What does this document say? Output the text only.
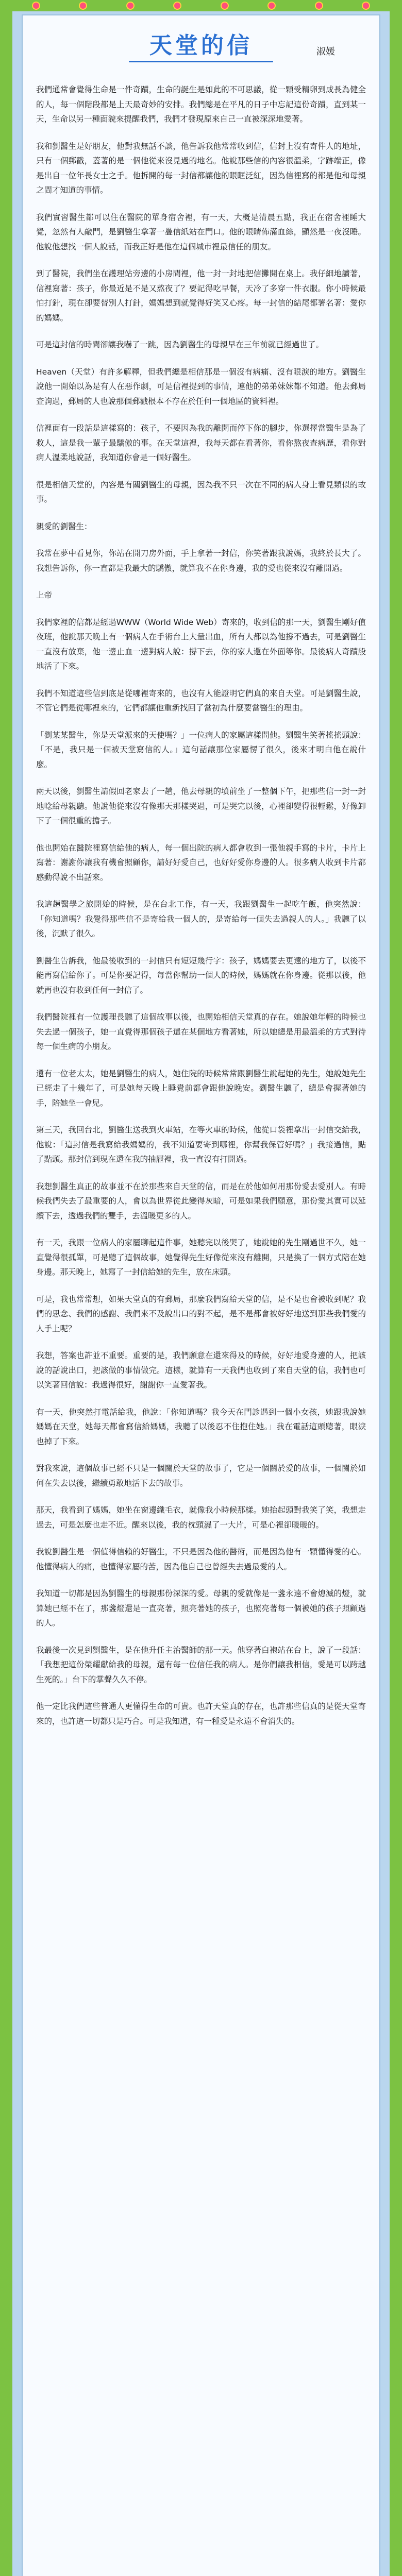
天堂的信	淑媛

我們通常會覺得生命是一件奇蹟，生命的誕生是如此的不可思議，從一顆受精卵到成長為健全的人，每一個階段都是上天最奇妙的安排。我們總是在平凡的日子中忘記這份奇蹟，直到某一天，生命以另一種面貌來提醒我們，我們才發現原來自己一直被深深地愛著。

我和劉醫生是好朋友，他對我無話不談，他告訴我他常常收到信，信封上沒有寄件人的地址，只有一個郵戳，蓋著的是一個他從來沒見過的地名。他說那些信的內容很溫柔，字跡端正，像是出自一位年長女士之手。他拆開的每一封信都讓他的眼眶泛紅，因為信裡寫的都是他和母親之間才知道的事情。

我們實習醫生都可以住在醫院的單身宿舍裡，有一天，大概是清晨五點，我正在宿舍裡睡大覺，忽然有人敲門，是劉醫生拿著一疊信紙站在門口。他的眼睛佈滿血絲，顯然是一夜沒睡。他說他想找一個人說話，而我正好是他在這個城市裡最信任的朋友。

到了醫院，我們坐在護理站旁邊的小房間裡，他一封一封地把信攤開在桌上。我仔細地讀著，信裡寫著：孩子，你最近是不是又熬夜了？要記得吃早餐，天冷了多穿一件衣服。你小時候最怕打針，現在卻要替別人打針，媽媽想到就覺得好笑又心疼。每一封信的結尾都署名著：愛你的媽媽。

可是這封信的時間卻讓我嚇了一跳，因為劉醫生的母親早在三年前就已經過世了。

Heaven（天堂）有許多解釋，但我們總是相信那是一個沒有病痛、沒有眼淚的地方。劉醫生說他一開始以為是有人在惡作劇，可是信裡提到的事情，連他的弟弟妹妹都不知道。他去郵局查詢過，郵局的人也說那個郵戳根本不存在於任何一個地區的資料裡。

信裡面有一段話是這樣寫的：孩子，不要因為我的離開而停下你的腳步，你選擇當醫生是為了救人，這是我一輩子最驕傲的事。在天堂這裡，我每天都在看著你，看你熬夜查病歷，看你對病人溫柔地說話，我知道你會是一個好醫生。

很是相信天堂的，內容是有關劉醫生的母親，因為我不只一次在不同的病人身上看見類似的故事。

親愛的劉醫生：

我常在夢中看見你，你站在開刀房外面，手上拿著一封信，你笑著跟我說媽，我終於長大了。我想告訴你，你一直都是我最大的驕傲，就算我不在你身邊，我的愛也從來沒有離開過。

上帝

我們家裡的信都是經過WWW（World Wide Web）寄來的，收到信的那一天，劉醫生剛好值夜班，他說那天晚上有一個病人在手術台上大量出血，所有人都以為他撐不過去，可是劉醫生一直沒有放棄，他一邊止血一邊對病人說：撐下去，你的家人還在外面等你。最後病人奇蹟般地活了下來。

我們不知道這些信到底是從哪裡寄來的，也沒有人能證明它們真的來自天堂。可是劉醫生說，不管它們是從哪裡來的，它們都讓他重新找回了當初為什麼要當醫生的理由。

「劉某某醫生，你是天堂派來的天使嗎？」一位病人的家屬這樣問他。劉醫生笑著搖搖頭說：「不是，我只是一個被天堂寫信的人。」這句話讓那位家屬愣了很久，後來才明白他在說什麼。

兩天以後，劉醫生請假回老家去了一趟，他去母親的墳前坐了一整個下午，把那些信一封一封地唸給母親聽。他說他從來沒有像那天那樣哭過，可是哭完以後，心裡卻變得很輕鬆，好像卸下了一個很重的擔子。

他也開始在醫院裡寫信給他的病人，每一個出院的病人都會收到一張他親手寫的卡片，卡片上寫著：謝謝你讓我有機會照顧你，請好好愛自己，也好好愛你身邊的人。很多病人收到卡片都感動得說不出話來。

我這趟醫學之旅開始的時候，是在台北工作，有一天，我跟劉醫生一起吃午飯，他突然說：「你知道嗎？我覺得那些信不是寄給我一個人的，是寄給每一個失去過親人的人。」我聽了以後，沉默了很久。

劉醫生告訴我，他最後收到的一封信只有短短幾行字：孩子，媽媽要去更遠的地方了，以後不能再寫信給你了。可是你要記得，每當你幫助一個人的時候，媽媽就在你身邊。從那以後，他就再也沒有收到任何一封信了。

我們醫院裡有一位護理長聽了這個故事以後，也開始相信天堂真的存在。她說她年輕的時候也失去過一個孩子，她一直覺得那個孩子還在某個地方看著她，所以她總是用最溫柔的方式對待每一個生病的小朋友。

還有一位老太太，她是劉醫生的病人，她住院的時候常常跟劉醫生說起她的先生，她說她先生已經走了十幾年了，可是她每天晚上睡覺前都會跟他說晚安。劉醫生聽了，總是會握著她的手，陪她坐一會兒。

第三天，我回台北，劉醫生送我到火車站，在等火車的時候，他從口袋裡拿出一封信交給我，他說：「這封信是我寫給我媽媽的，我不知道要寄到哪裡，你幫我保管好嗎？」我接過信，點了點頭。那封信到現在還在我的抽屜裡，我一直沒有打開過。

我想劉醫生真正的故事並不在於那些來自天堂的信，而是在於他如何用那份愛去愛別人。有時候我們失去了最重要的人，會以為世界從此變得灰暗，可是如果我們願意，那份愛其實可以延續下去，透過我們的雙手，去溫暖更多的人。

有一天，我跟一位病人的家屬聊起這件事，她聽完以後哭了，她說她的先生剛過世不久，她一直覺得很孤單，可是聽了這個故事，她覺得先生好像從來沒有離開，只是換了一個方式陪在她身邊。那天晚上，她寫了一封信給她的先生，放在床頭。

可是，我也常常想，如果天堂真的有郵局，那麼我們寫給天堂的信，是不是也會被收到呢？我們的思念、我們的感謝、我們來不及說出口的對不起，是不是都會被好好地送到那些我們愛的人手上呢？

我想，答案也許並不重要。重要的是，我們願意在還來得及的時候，好好地愛身邊的人，把該說的話說出口，把該做的事情做完。這樣，就算有一天我們也收到了來自天堂的信，我們也可以笑著回信說：我過得很好，謝謝你一直愛著我。

有一天，他突然打電話給我，他說：「你知道嗎？我今天在門診遇到一個小女孩，她跟我說她媽媽在天堂，她每天都會寫信給媽媽，我聽了以後忍不住抱住她。」我在電話這頭聽著，眼淚也掉了下來。

對我來說，這個故事已經不只是一個關於天堂的故事了，它是一個關於愛的故事，一個關於如何在失去以後，繼續勇敢地活下去的故事。

那天，我看到了媽媽，她坐在窗邊織毛衣，就像我小時候那樣。她抬起頭對我笑了笑，我想走過去，可是怎麼也走不近。醒來以後，我的枕頭濕了一大片，可是心裡卻暖暖的。

我說劉醫生是一個值得信賴的好醫生，不只是因為他的醫術，而是因為他有一顆懂得愛的心。他懂得病人的痛，也懂得家屬的苦，因為他自己也曾經失去過最愛的人。

我知道一切都是因為劉醫生的母親那份深深的愛。母親的愛就像是一盞永遠不會熄滅的燈，就算她已經不在了，那盞燈還是一直亮著，照亮著她的孩子，也照亮著每一個被她的孩子照顧過的人。

我最後一次見到劉醫生，是在他升任主治醫師的那一天。他穿著白袍站在台上，說了一段話：「我想把這份榮耀獻給我的母親，還有每一位信任我的病人。是你們讓我相信，愛是可以跨越生死的。」台下的掌聲久久不停。

他一定比我們這些普通人更懂得生命的可貴。也許天堂真的存在，也許那些信真的是從天堂寄來的，也許這一切都只是巧合。可是我知道，有一種愛是永遠不會消失的。
